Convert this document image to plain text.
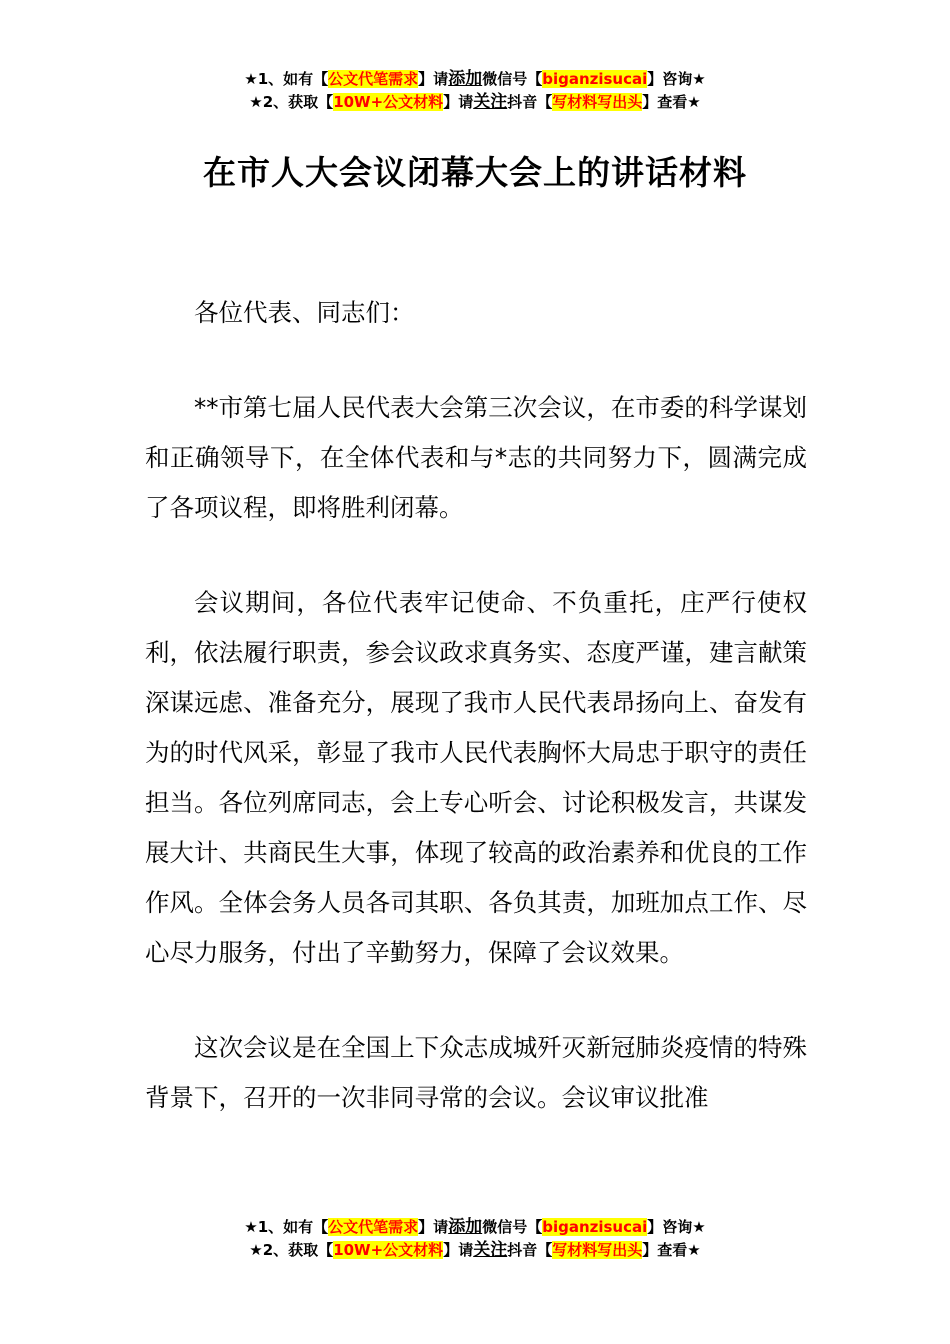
★1、如有【公文代笔需求】请添加微信号【biganzisucai】咨询★
★2、获取【10W+公文材料】请关注抖音【写材料写出头】查看★
在市人大会议闭幕大会上的讲话材料

各位代表、同志们：

**市第七届人民代表大会第三次会议，在市委的科学谋划和正确领导下，在全体代表和与*志的共同努力下，圆满完成了各项议程，即将胜利闭幕。

会议期间，各位代表牢记使命、不负重托，庄严行使权利，依法履行职责，参会议政求真务实、态度严谨，建言献策深谋远虑、准备充分，展现了我市人民代表昂扬向上、奋发有为的时代风采，彰显了我市人民代表胸怀大局忠于职守的责任担当。各位列席同志，会上专心听会、讨论积极发言，共谋发展大计、共商民生大事，体现了较高的政治素养和优良的工作作风。全体会务人员各司其职、各负其责，加班加点工作、尽心尽力服务，付出了辛勤努力，保障了会议效果。

这次会议是在全国上下众志成城歼灭新冠肺炎疫情的特殊背景下，召开的一次非同寻常的会议。会议审议批准

★1、如有【公文代笔需求】请添加微信号【biganzisucai】咨询★
★2、获取【10W+公文材料】请关注抖音【写材料写出头】查看★
